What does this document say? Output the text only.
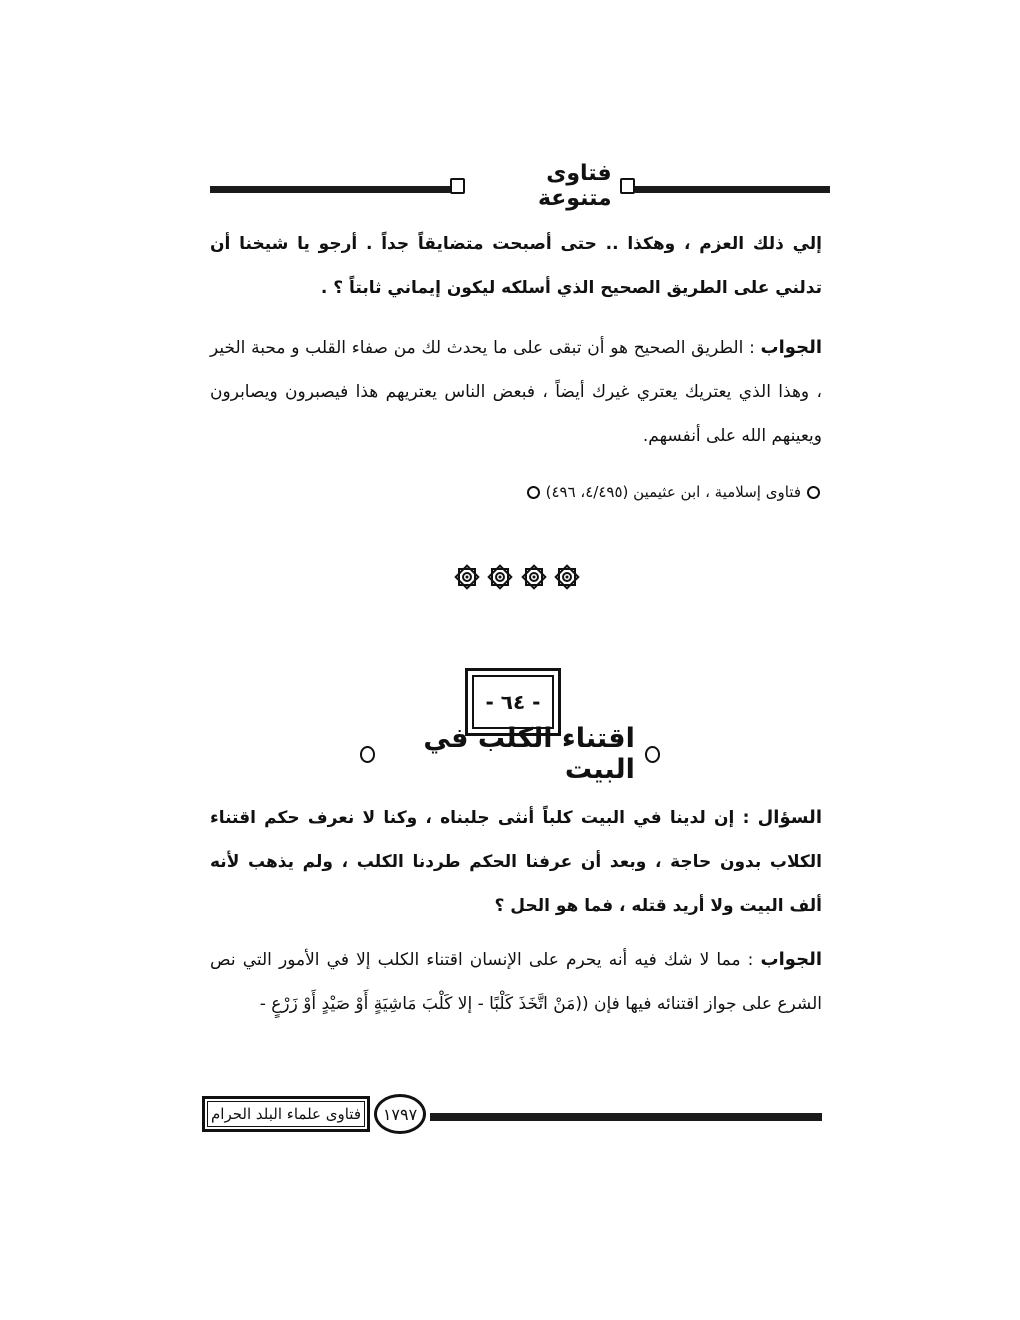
فتاوى متنوعة
إلي ذلك العزم ، وهكذا .. حتى أصبحت متضايقاً جداً . أرجو يا شيخنا أن تدلني على الطريق الصحيح الذي أسلكه ليكون إيماني ثابتاً ؟ .
الجواب : الطريق الصحيح هو أن تبقى على ما يحدث لك من صفاء القلب و محبة الخير ، وهذا الذي يعتريك يعتري غيرك أيضاً ، فبعض الناس يعتريهم هذا فيصبرون ويصابرون ويعينهم الله على أنفسهم.
فتاوى إسلامية ، ابن عثيمين (٤/٤٩٥، ٤٩٦)
- ٦٤ -
اقتناء الكلب في البيت
السؤال : إن لدينا في البيت كلباً أنثى جلبناه ، وكنا لا نعرف حكم اقتناء الكلاب بدون حاجة ، وبعد أن عرفنا الحكم طردنا الكلب ، ولم يذهب لأنه ألف البيت ولا أريد قتله ، فما هو الحل ؟
الجواب : مما لا شك فيه أنه يحرم على الإنسان اقتناء الكلب إلا في الأمور التي نص الشرع على جواز اقتنائه فيها فإن ((مَنْ اتَّخَذَ كَلْبًا - إلا كَلْبَ مَاشِيَةٍ أَوْ صَيْدٍ أَوْ زَرْعٍ -
١٧٩٧
فتاوى علماء البلد الحرام
